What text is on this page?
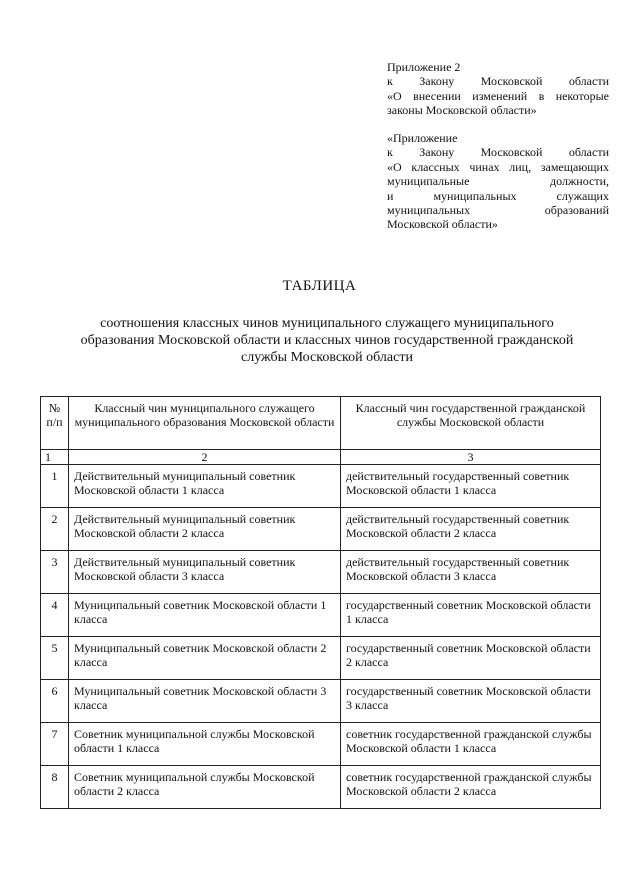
Приложение 2
к Закону Московской области
«О внесении изменений в некоторые
законы Московской области»
«Приложение
к Закону Московской области
«О классных чинах лиц, замещающих
муниципальные	должности,
и	муниципальных	служащих
муниципальных	образований
Московской области»
ТАБЛИЦА
соотношения классных чинов муниципального служащего муниципального образования Московской области и классных чинов государственной гражданской службы Московской области
№ п/п	Классный чин муниципального служащего муниципального образования Московской области	Классный чин государственной гражданской службы Московской области
1	2	3
1	Действительный муниципальный советник Московской области 1 класса	действительный государственный советник Московской области 1 класса
2	Действительный муниципальный советник Московской области 2 класса	действительный государственный советник Московской области 2 класса
3	Действительный муниципальный советник Московской области 3 класса	действительный государственный советник Московской области 3 класса
4	Муниципальный советник Московской области 1 класса	государственный советник Московской области 1 класса
5	Муниципальный советник Московской области 2 класса	государственный советник Московской области 2 класса
6	Муниципальный советник Московской области 3 класса	государственный советник Московской области 3 класса
7	Советник муниципальной службы Московской области 1 класса	советник государственной гражданской службы Московской области 1 класса
8	Советник муниципальной службы Московской области 2 класса	советник государственной гражданской службы Московской области 2 класса
